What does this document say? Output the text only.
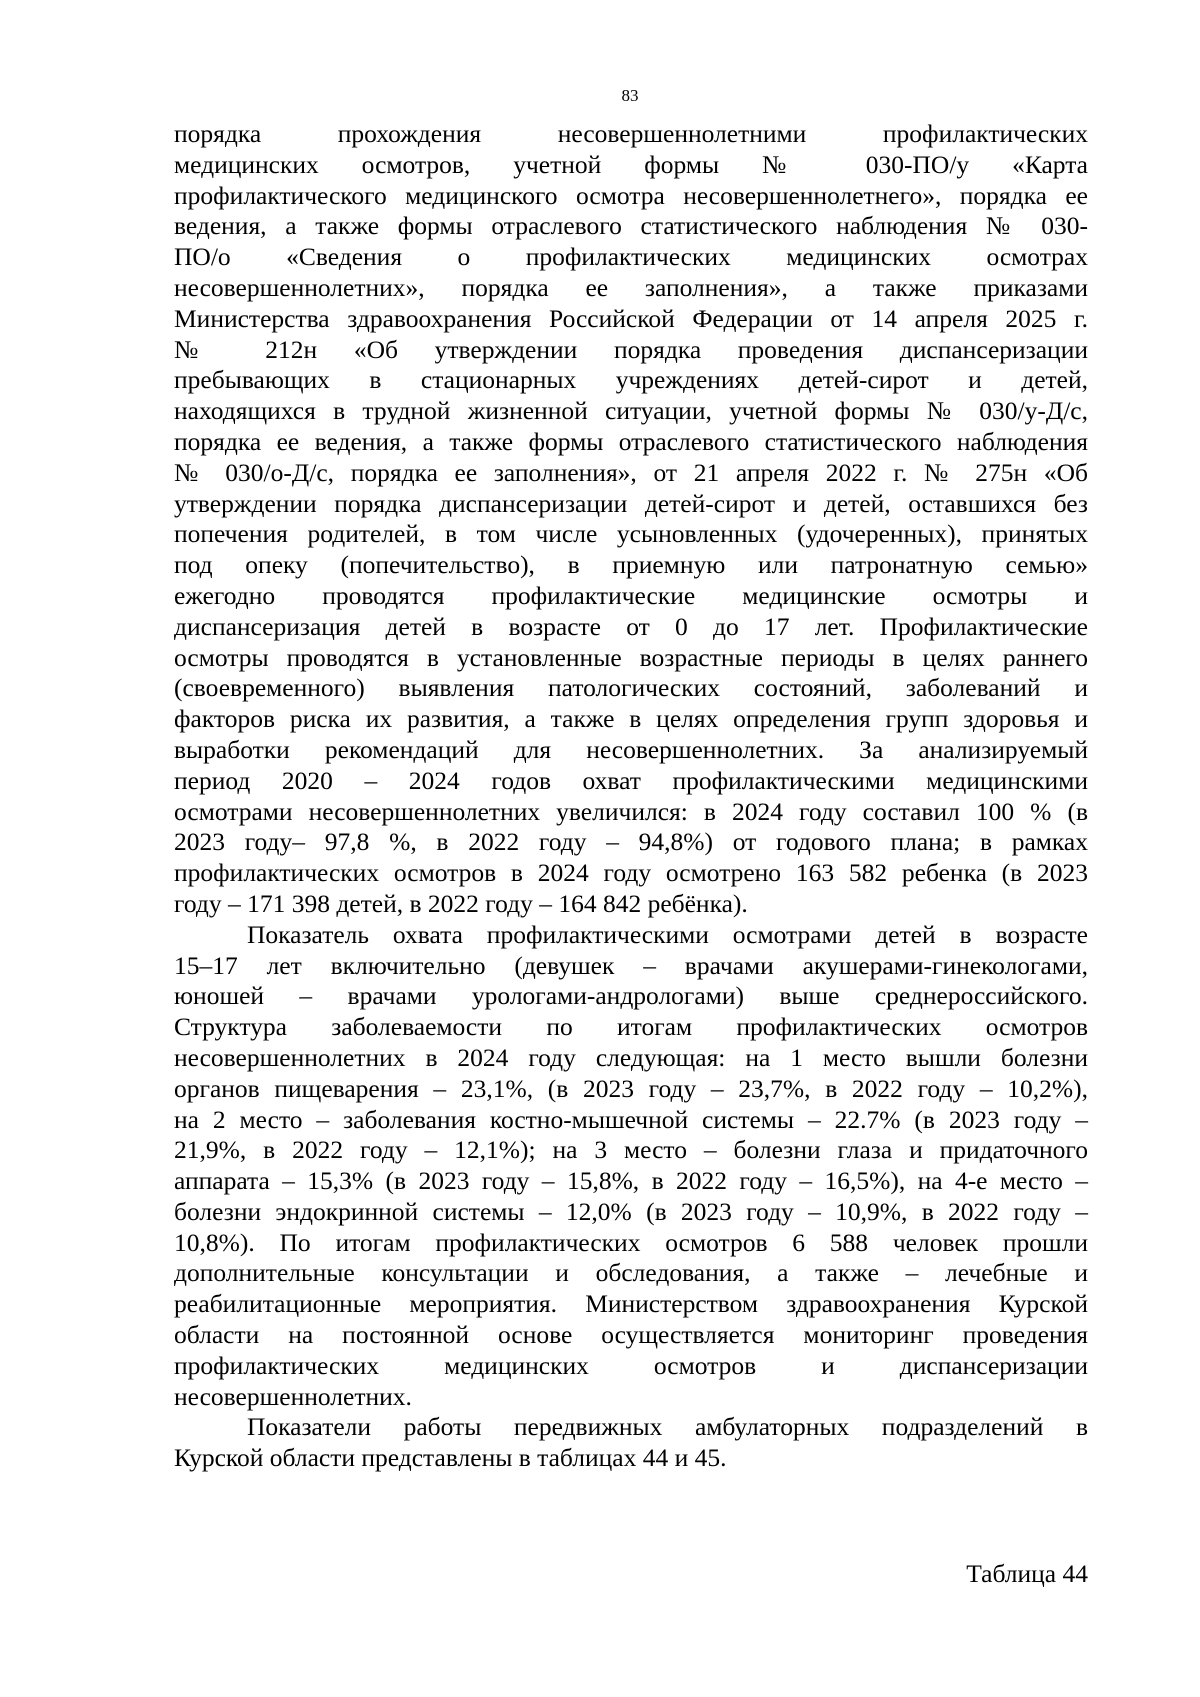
83

порядка прохождения несовершеннолетними профилактических
медицинских осмотров, учетной формы № 030-ПО/у «Карта
профилактического медицинского осмотра несовершеннолетнего», порядка ее
ведения, а также формы отраслевого статистического наблюдения № 030-
ПО/о «Сведения о профилактических медицинских осмотрах
несовершеннолетних», порядка ее заполнения», а также приказами
Министерства здравоохранения Российской Федерации от 14 апреля 2025 г.
№ 212н «Об утверждении порядка проведения диспансеризации
пребывающих в стационарных учреждениях детей-сирот и детей,
находящихся в трудной жизненной ситуации, учетной формы № 030/у-Д/с,
порядка ее ведения, а также формы отраслевого статистического наблюдения
№ 030/о-Д/с, порядка ее заполнения», от 21 апреля 2022 г. № 275н «Об
утверждении порядка диспансеризации детей-сирот и детей, оставшихся без
попечения родителей, в том числе усыновленных (удочеренных), принятых
под опеку (попечительство), в приемную или патронатную семью»
ежегодно проводятся профилактические медицинские осмотры и
диспансеризация детей в возрасте от 0 до 17 лет. Профилактические
осмотры проводятся в установленные возрастные периоды в целях раннего
(своевременного) выявления патологических состояний, заболеваний и
факторов риска их развития, а также в целях определения групп здоровья и
выработки рекомендаций для несовершеннолетних. За анализируемый
период 2020 – 2024 годов охват профилактическими медицинскими
осмотрами несовершеннолетних увеличился: в 2024 году составил 100 % (в
2023 году– 97,8 %, в 2022 году – 94,8%) от годового плана; в рамках
профилактических осмотров в 2024 году осмотрено 163 582 ребенка (в 2023
году – 171 398 детей, в 2022 году – 164 842 ребёнка).

Показатель охвата профилактическими осмотрами детей в возрасте
15–17 лет включительно (девушек – врачами акушерами-гинекологами,
юношей – врачами урологами-андрологами) выше среднероссийского.
Структура заболеваемости по итогам профилактических осмотров
несовершеннолетних в 2024 году следующая: на 1 место вышли болезни
органов пищеварения – 23,1%, (в 2023 году – 23,7%, в 2022 году – 10,2%),
на 2 место – заболевания костно-мышечной системы – 22.7% (в 2023 году –
21,9%, в 2022 году – 12,1%); на 3 место – болезни глаза и придаточного
аппарата – 15,3% (в 2023 году – 15,8%, в 2022 году – 16,5%), на 4-е место –
болезни эндокринной системы – 12,0% (в 2023 году – 10,9%, в 2022 году –
10,8%). По итогам профилактических осмотров 6 588 человек прошли
дополнительные консультации и обследования, а также – лечебные и
реабилитационные мероприятия. Министерством здравоохранения Курской
области на постоянной основе осуществляется мониторинг проведения
профилактических медицинских осмотров и диспансеризации
несовершеннолетних.

Показатели работы передвижных амбулаторных подразделений в
Курской области представлены в таблицах 44 и 45.

Таблица 44
